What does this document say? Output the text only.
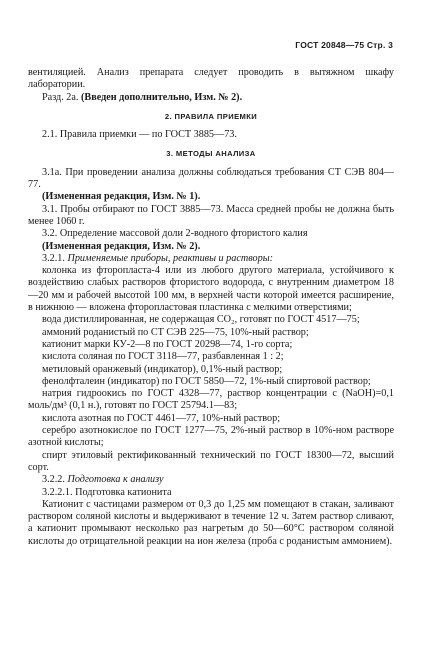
ГОСТ 20848—75 Стр. 3

вентиляцией. Анализ препарата следует проводить в вытяжном шкафу лаборатории.

Разд. 2а. (Введен дополнительно, Изм. № 2).

2. ПРАВИЛА ПРИЕМКИ

2.1. Правила приемки — по ГОСТ 3885—73.

3. МЕТОДЫ АНАЛИЗА

3.1а. При проведении анализа должны соблюдаться требования СТ СЭВ 804—77.

(Измененная редакция, Изм. № 1).

3.1. Пробы отбирают по ГОСТ 3885—73. Масса средней пробы не должна быть менее 1060 г.

3.2. Определение массовой доли 2-водного фтористого калия

(Измененная редакция, Изм. № 2).

3.2.1. Применяемые приборы, реактивы и растворы:

колонка из фторопласта-4 или из любого другого материала, устойчивого к воздействию слабых растворов фтористого водорода, с внутренним диаметром 18—20 мм и рабочей высотой 100 мм, в верхней части которой имеется расширение, в нижнюю — вложена фторопластовая пластинка с мелкими отверстиями;

вода дистиллированная, не содержащая CO₂, готовят по ГОСТ 4517—75;

аммоний роданистый по СТ СЭВ 225—75, 10%-ный раствор;

катионит марки КУ-2—8 по ГОСТ 20298—74, 1-го сорта;

кислота соляная по ГОСТ 3118—77, разбавленная 1 : 2;

метиловый оранжевый (индикатор), 0,1%-ный раствор;

фенолфталеин (индикатор) по ГОСТ 5850—72, 1%-ный спиртовой раствор;

натрия гидроокись по ГОСТ 4328—77, раствор концентрации с (NaOH)=0,1 моль/дм³ (0,1 н.), готовят по ГОСТ 25794.1—83;

кислота азотная по ГОСТ 4461—77, 10%-ный раствор;

серебро азотнокислое по ГОСТ 1277—75, 2%-ный раствор в 10%-ном растворе азотной кислоты;

спирт этиловый ректификованный технический по ГОСТ 18300—72, высший сорт.

3.2.2. Подготовка к анализу

3.2.2.1. Подготовка катионита

Катионит с частицами размером от 0,3 до 1,25 мм помещают в стакан, заливают раствором соляной кислоты и выдерживают в течение 12 ч. Затем раствор сливают, а катионит промывают несколько раз нагретым до 50—60°С раствором соляной кислоты до отрицательной реакции на ион железа (проба с роданистым аммонием).
